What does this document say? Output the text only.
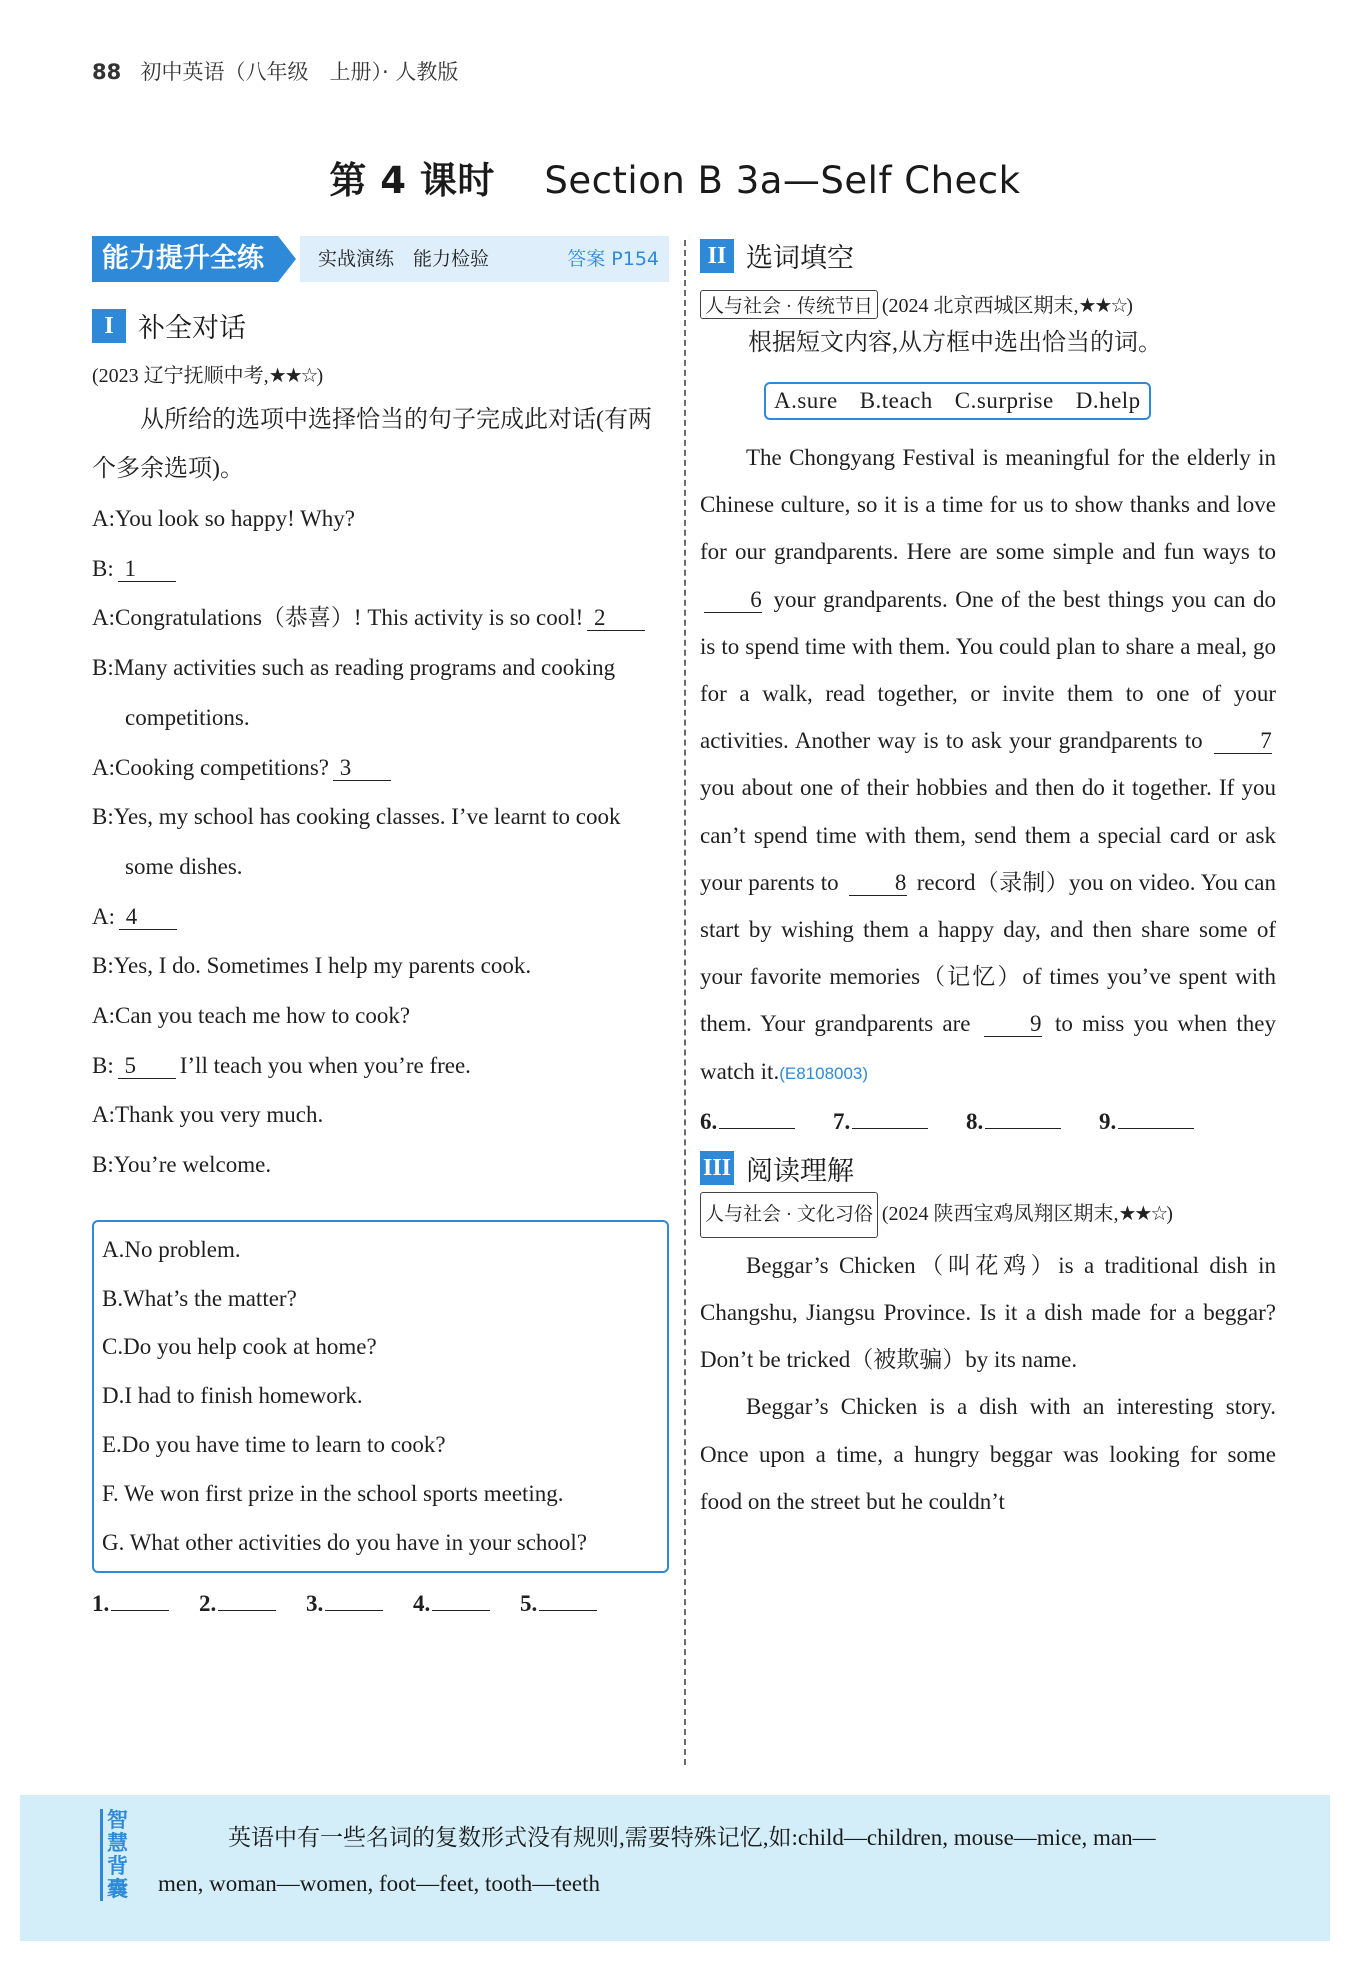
88 初中英语（八年级　上册）· 人教版
第 4 课时 Section B 3a—Self Check
能力提升全练	实战演练　能力检验	答案 P154
I 补全对话
(2023 辽宁抚顺中考,★★☆)
从所给的选项中选择恰当的句子完成此对话(有两个多余选项)。
A:You look so happy! Why?
B: 1
A:Congratulations（恭喜）! This activity is so cool! 2
B:Many activities such as reading programs and cooking competitions.
A:Cooking competitions? 3
B:Yes, my school has cooking classes. I’ve learnt to cook some dishes.
A: 4
B:Yes, I do. Sometimes I help my parents cook.
A:Can you teach me how to cook?
B: 5 I’ll teach you when you’re free.
A:Thank you very much.
B:You’re welcome.
A.No problem.
B.What’s the matter?
C.Do you help cook at home?
D.I had to finish homework.
E.Do you have time to learn to cook?
F. We won first prize in the school sports meeting.
G. What other activities do you have in your school?
1.	2.	3.	4.	5.
II 选词填空
人与社会 · 传统节日 (2024 北京西城区期末,★★☆)
根据短文内容,从方框中选出恰当的词。
A.sure B.teach C.surprise D.help

The Chongyang Festival is meaningful for the elderly in Chinese culture, so it is a time for us to show thanks and love for our grandparents. Here are some simple and fun ways to 6 your grandparents. One of the best things you can do is to spend time with them. You could plan to share a meal, go for a walk, read together, or invite them to one of your activities. Another way is to ask your grandparents to	7 you about one of their hobbies and then do it together. If you can’t spend time with them, send them a special card or ask your parents to 8 record（录制）you on video. You can start by wishing them a happy day, and then share some of your favorite memories（记忆）of times you’ve spent with them. Your grandparents are	9 to miss you when they watch it.(E8108003)

6.	7.	8.	9.
III 阅读理解
人与社会 · 文化习俗 (2024 陕西宝鸡凤翔区期末,★★☆)

Beggar’s Chicken（叫花鸡）is a traditional dish in Changshu, Jiangsu Province. Is it a dish made for a beggar? Don’t be tricked（被欺骗）by its name.

Beggar’s Chicken is a dish with an interesting story. Once upon a time, a hungry beggar was looking for some food on the street but he couldn’t

智慧背囊
英语中有一些名词的复数形式没有规则,需要特殊记忆,如:child—children, mouse—mice, man—
men, woman—women, foot—feet, tooth—teeth
